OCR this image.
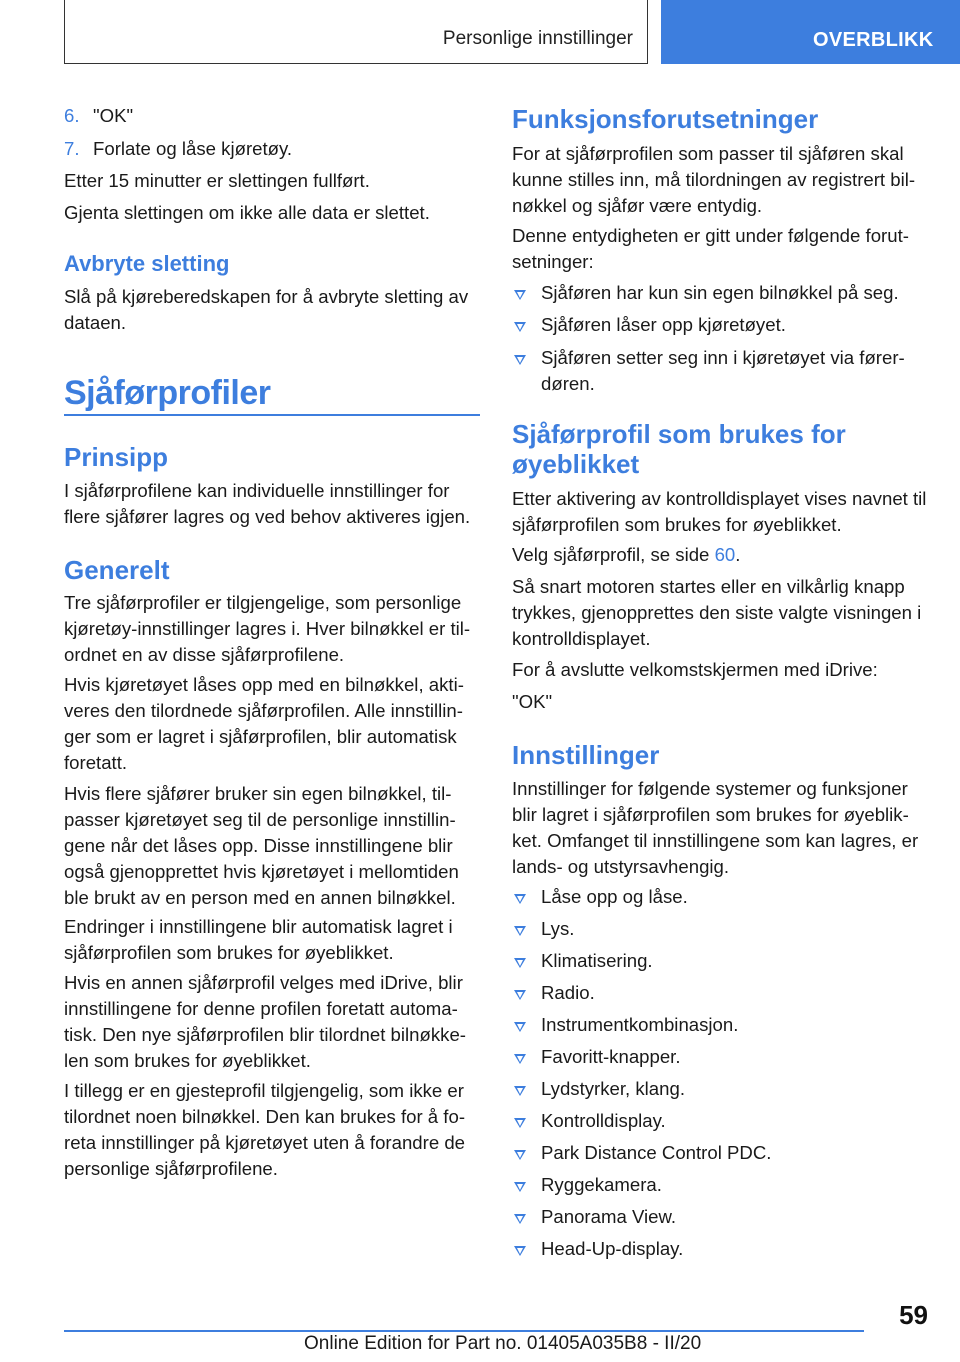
Personlige innstillinger	OVERBLIKK
6. "OK"
7. Forlate og låse kjøretøy.

Etter 15 minutter er slettingen fullført.

Gjenta slettingen om ikke alle data er slettet.

Avbryte sletting

Slå på kjøreberedskapen for å avbryte sletting av dataen.

Sjåførprofiler
Prinsipp

I sjåførprofilene kan individuelle innstillinger for flere sjåfører lagres og ved behov aktiveres igjen.

Generelt

Tre sjåførprofiler er tilgjengelige, som personlige kjøretøy-innstillinger lagres i. Hver bilnøkkel er til-ordnet en av disse sjåførprofilene.

Hvis kjøretøyet låses opp med en bilnøkkel, akti-veres den tilordnede sjåførprofilen. Alle innstillin-ger som er lagret i sjåførprofilen, blir automatisk foretatt.

Hvis flere sjåfører bruker sin egen bilnøkkel, til-passer kjøretøyet seg til de personlige innstillin-gene når det låses opp. Disse innstillingene blir også gjenopprettet hvis kjøretøyet i mellomtiden ble brukt av en person med en annen bilnøkkel.

Endringer i innstillingene blir automatisk lagret i sjåførprofilen som brukes for øyeblikket.

Hvis en annen sjåførprofil velges med iDrive, blir innstillingene for denne profilen foretatt automa-tisk. Den nye sjåførprofilen blir tilordnet bilnøkke-len som brukes for øyeblikket.

I tillegg er en gjesteprofil tilgjengelig, som ikke er tilordnet noen bilnøkkel. Den kan brukes for å fo-reta innstillinger på kjøretøyet uten å forandre de personlige sjåførprofilene.

Funksjonsforutsetninger

For at sjåførprofilen som passer til sjåføren skal kunne stilles inn, må tilordningen av registrert bil-nøkkel og sjåfør være entydig.

Denne entydigheten er gitt under følgende forut-setninger:

Sjåføren har kun sin egen bilnøkkel på seg.
Sjåføren låser opp kjøretøyet.
Sjåføren setter seg inn i kjøretøyet via fører-døren.
Sjåførprofil som brukes for øyeblikket

Etter aktivering av kontrolldisplayet vises navnet til sjåførprofilen som brukes for øyeblikket.

Velg sjåførprofil, se side 60.

Så snart motoren startes eller en vilkårlig knapp trykkes, gjenopprettes den siste valgte visningen i kontrolldisplayet.

For å avslutte velkomstskjermen med iDrive:

"OK"

Innstillinger

Innstillinger for følgende systemer og funksjoner blir lagret i sjåførprofilen som brukes for øyeblik-ket. Omfanget til innstillingene som kan lagres, er lands- og utstyrsavhengig.

Låse opp og låse.
Lys.
Klimatisering.
Radio.
Instrumentkombinasjon.
Favoritt-knapper.
Lydstyrker, klang.
Kontrolldisplay.
Park Distance Control PDC.
Ryggekamera.
Panorama View.
Head-Up-display.
59
Online Edition for Part no. 01405A035B8 - II/20
